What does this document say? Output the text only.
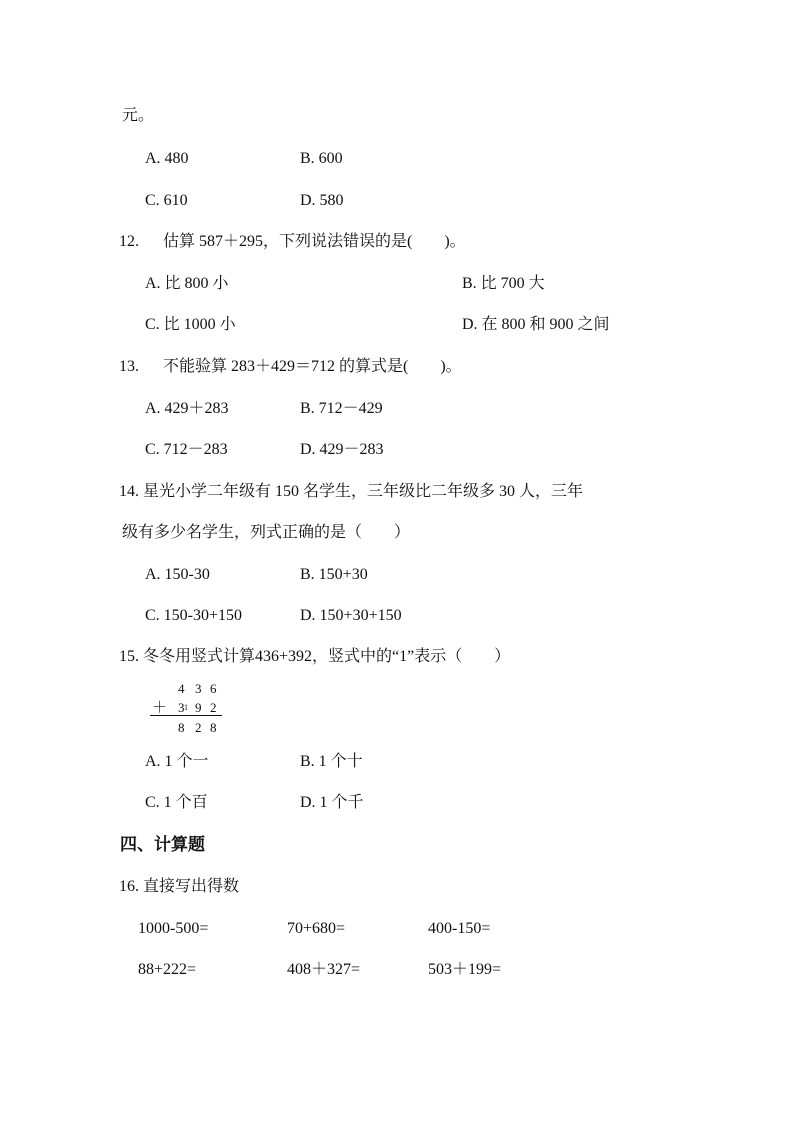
元。
A. 480	B. 600
C. 610	D. 580
12. 估算 587＋295，下列说法错误的是(　　)。
A. 比 800 小	B. 比 700 大
C. 比 1000 小	D. 在 800 和 900 之间
13. 不能验算 283＋429＝712 的算式是(　　)。
A. 429＋283	B. 712－429
C. 712－283	D. 429－283
14. 星光小学二年级有 150 名学生，三年级比二年级多 30 人，三年
级有多少名学生，列式正确的是（　　）
A. 150-30	B. 150+30
C. 150-30+150	D. 150+30+150
15. 冬冬用竖式计算436+392，竖式中的“1”表示（　　）
4 3 6
＋ 3 9 2
1
8 2 8
A. 1 个一	B. 1 个十
C. 1 个百	D. 1 个千
四、计算题
16. 直接写出得数
1000-500=	70+680=	400-150=
88+222=	408＋327=	503＋199=
